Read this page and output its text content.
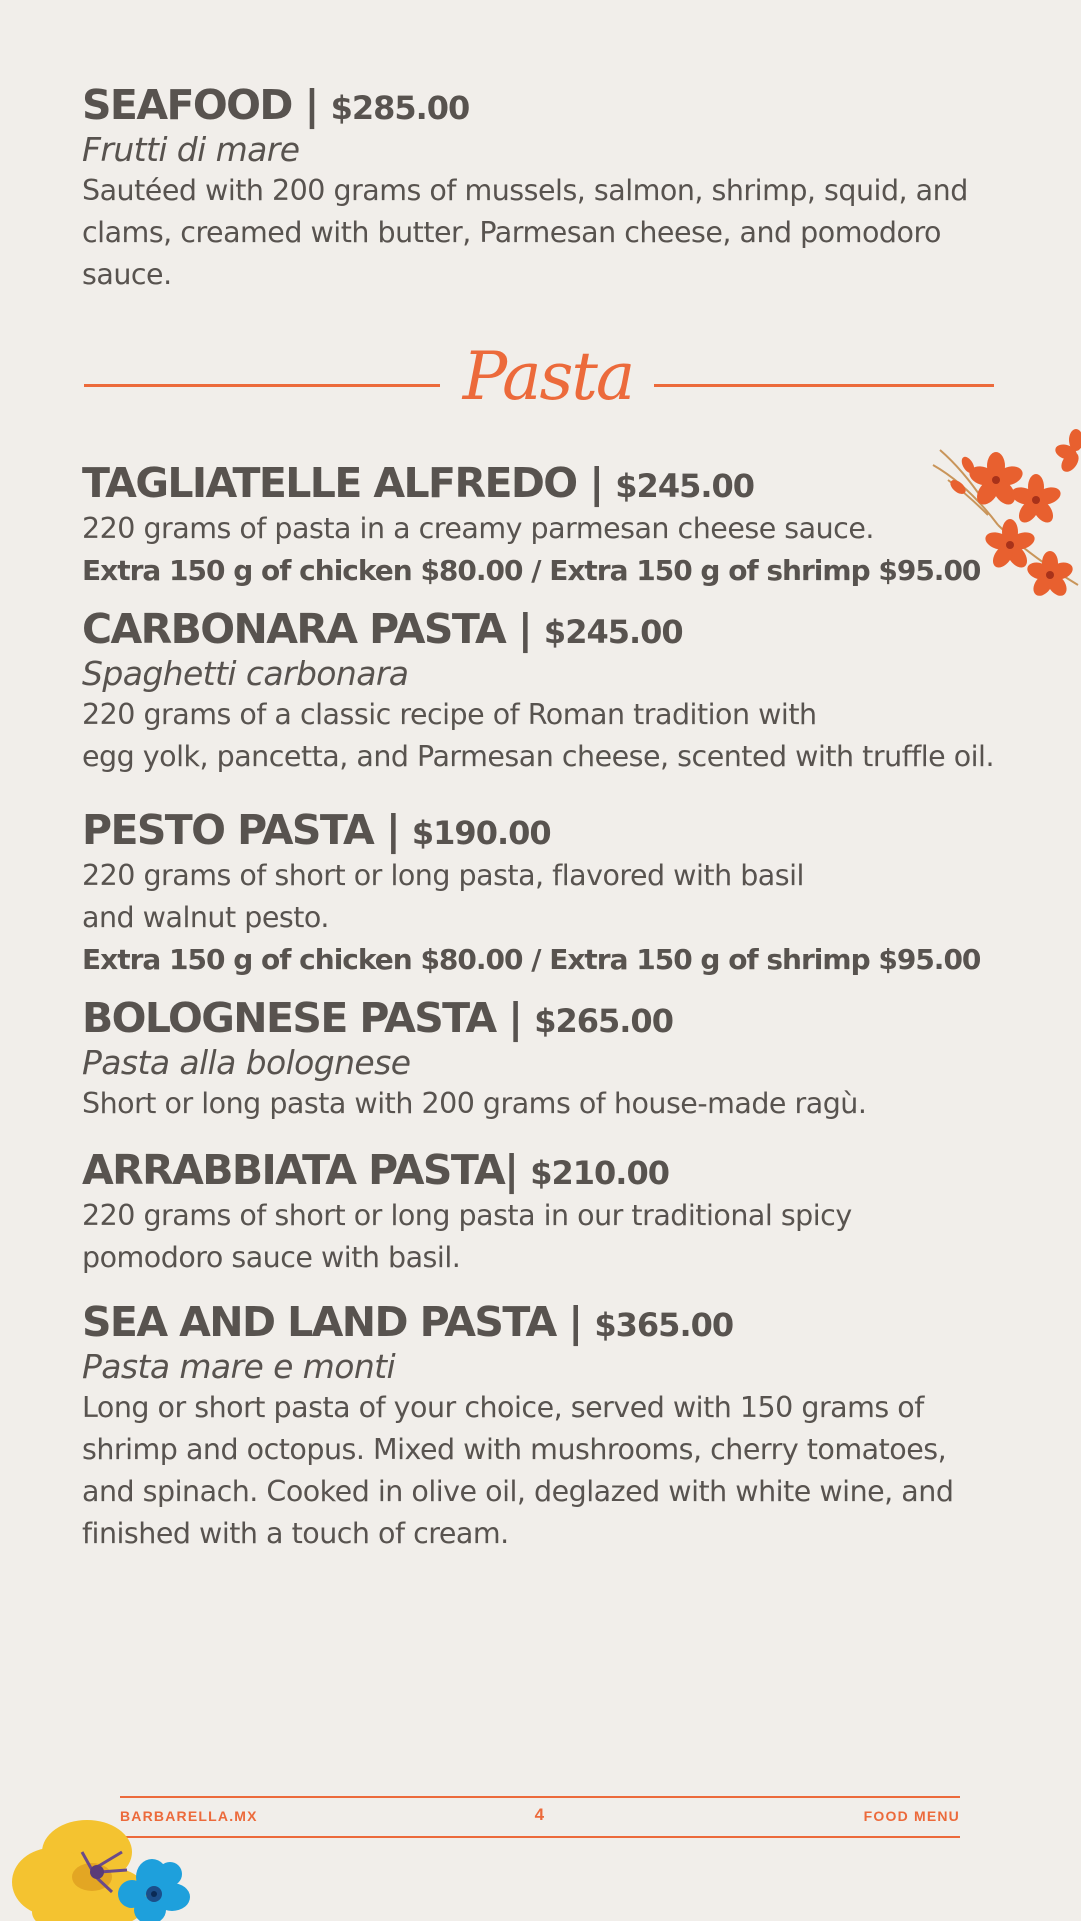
SEAFOOD | $285.00
Frutti di mare
Sautéed with 200 grams of mussels, salmon, shrimp, squid, and
clams, creamed with butter, Parmesan cheese, and pomodoro
sauce.
Pasta
TAGLIATELLE ALFREDO | $245.00
220 grams of pasta in a creamy parmesan cheese sauce.
Extra 150 g of chicken $80.00 / Extra 150 g of shrimp $95.00
CARBONARA PASTA | $245.00
Spaghetti carbonara
220 grams of a classic recipe of Roman tradition with
egg yolk, pancetta, and Parmesan cheese, scented with truffle oil.
PESTO PASTA | $190.00
220 grams of short or long pasta, flavored with basil
and walnut pesto.
Extra 150 g of chicken $80.00 / Extra 150 g of shrimp $95.00
BOLOGNESE PASTA | $265.00
Pasta alla bolognese
Short or long pasta with 200 grams of house-made ragù.
ARRABBIATA PASTA| $210.00
220 grams of short or long pasta in our traditional spicy
pomodoro sauce with basil.
SEA AND LAND PASTA | $365.00
Pasta mare e monti
Long or short pasta of your choice, served with 150 grams of
shrimp and octopus. Mixed with mushrooms, cherry tomatoes,
and spinach. Cooked in olive oil, deglazed with white wine, and
finished with a touch of cream.
BARBARELLA.MX	4	FOOD MENU
